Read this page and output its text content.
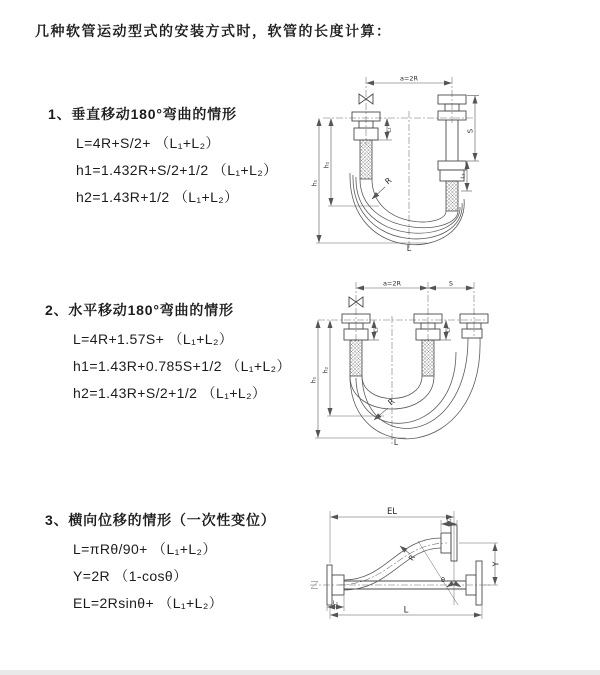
几种软管运动型式的安装方式时，软管的长度计算：

1、垂直移动180°弯曲的情形

L=4R+S/2+ （L₁+L₂）
h1=1.432R+S/2+1/2 （L₁+L₂）
h2=1.43R+1/2 （L₁+L₂）

2、水平移动180°弯曲的情形

L=4R+1.57S+ （L₁+L₂）
h1=1.43R+0.785S+1/2 （L₁+L₂）
h2=1.43R+S/2+1/2 （L₁+L₂）

3、横向位移的情形（一次性变位）

L=πRθ/90+ （L₁+L₂）
Y=2R （1-cosθ）
EL=2Rsinθ+ （L₁+L₂）
a=2R
S
L₂
h₁
h₂
L₁
R
L
a=2R	S
h₁
h₂
L₁	L₂
R
L
EL
L
Y
L₂
L₁
R
θ
